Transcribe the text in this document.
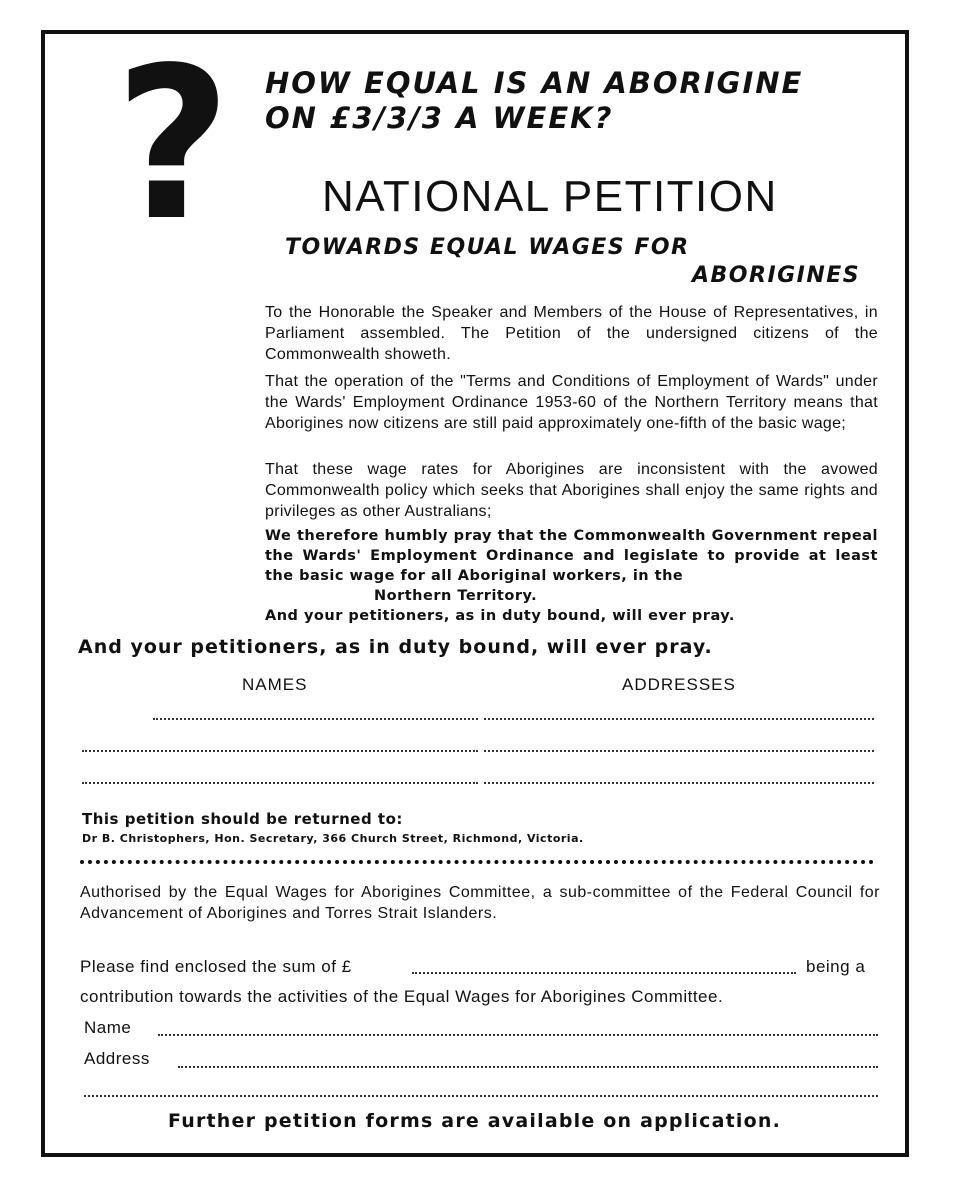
? HOW EQUAL IS AN ABORIGINE
ON £3/3/3 A WEEK?
NATIONAL PETITION
TOWARDS EQUAL WAGES FOR
ABORIGINES
To the Honorable the Speaker and Members of the House of Representatives, in Parliament assembled. The Petition of the undersigned citizens of the Commonwealth showeth.
That the operation of the "Terms and Conditions of Employment of Wards" under the Wards' Employment Ordinance 1953-60 of the Northern Territory means that Aborigines now citizens are still paid approximately one-fifth of the basic wage;
That these wage rates for Aborigines are inconsistent with the avowed Commonwealth policy which seeks that Aborigines shall enjoy the same rights and privileges as other Australians;
We therefore humbly pray that the Commonwealth Government repeal the Wards' Employment Ordinance and legislate to provide at least the basic wage for all Aboriginal workers, in the
Northern Territory.
And your petitioners, as in duty bound, will ever pray.
And your petitioners, as in duty bound, will ever pray.
NAMES	ADDRESSES
This petition should be returned to:
Dr B. Christophers, Hon. Secretary, 366 Church Street, Richmond, Victoria.
Authorised by the Equal Wages for Aborigines Committee, a sub-committee of the Federal Council for Advancement of Aborigines and Torres Strait Islanders.
Please find enclosed the sum of £	being a
contribution towards the activities of the Equal Wages for Aborigines Committee.
Name
Address
Further petition forms are available on application.
